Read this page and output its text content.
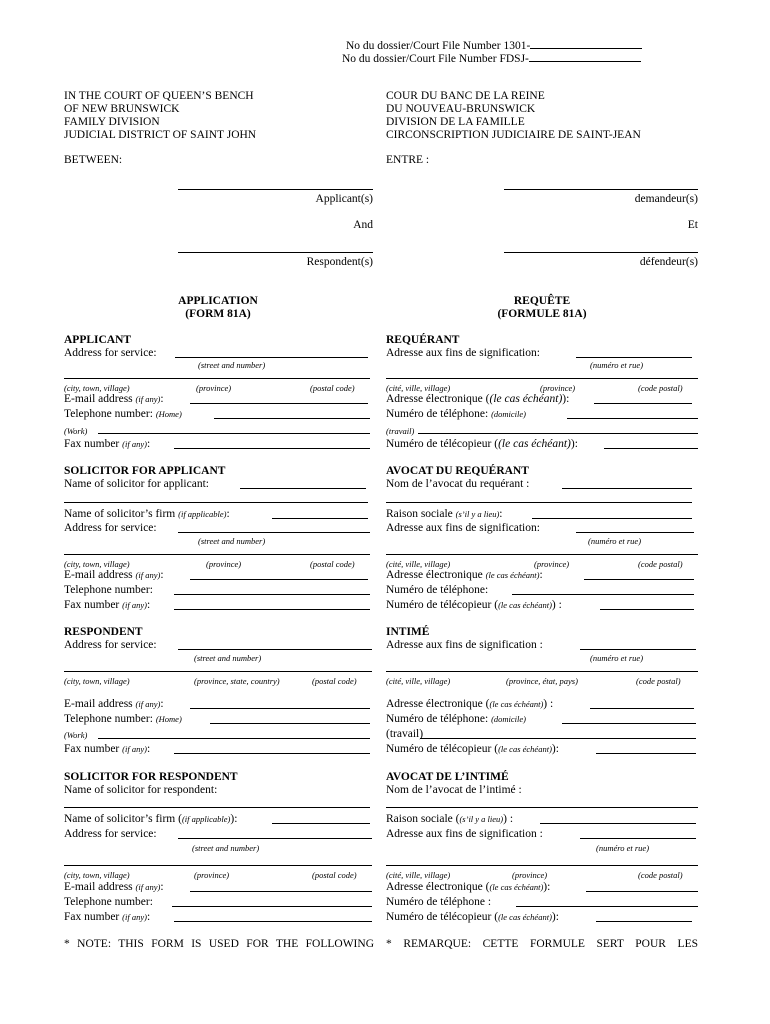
No du dossier/Court File Number 1301-
No du dossier/Court File Number FDSJ-
IN THE COURT OF QUEEN’S BENCH
OF NEW BRUNSWICK
FAMILY DIVISION
JUDICIAL DISTRICT OF SAINT JOHN
COUR DU BANC DE LA REINE
DU NOUVEAU-BRUNSWICK
DIVISION DE LA FAMILLE
CIRCONSCRIPTION JUDICIAIRE DE SAINT-JEAN
BETWEEN:	ENTRE :
Applicant(s)	demandeur(s)
And	Et
Respondent(s)	défendeur(s)
APPLICATION
(FORM 81A)
REQUÊTE
(FORMULE 81A)
APPLICANT
Address for service:
(street and number)
(city, town, village)	(province)	(postal code)
E-mail address (if any):
Telephone number: (Home)
(Work)
Fax number (if any):
REQUÉRANT
Adresse aux fins de signification:
(numéro et rue)
(cité, ville, village)	(province)	(code postal)
Adresse électronique ((le cas échéant)):
Numéro de téléphone: (domicile)
(travail)
Numéro de télécopieur ((le cas échéant)):
SOLICITOR FOR APPLICANT
Name of solicitor for applicant:
Name of solicitor’s firm (if applicable):
Address for service:
(street and number)
(city, town, village)	(province)	(postal code)
E-mail address (if any):
Telephone number:
Fax number (if any):
AVOCAT DU REQUÉRANT
Nom de l’avocat du requérant :
Raison sociale (s’il y a lieu):
Adresse aux fins de signification:
(numéro et rue)
(cité, ville, village)	(province)	(code postal)
Adresse électronique (le cas échéant):
Numéro de téléphone:
Numéro de télécopieur ((le cas échéant)) :
RESPONDENT
Address for service:
(street and number)
(city, town, village)	(province, state, country)	(postal code)
E-mail address (if any):
Telephone number: (Home)
(Work)
Fax number (if any):
INTIMÉ
Adresse aux fins de signification :
(numéro et rue)
(cité, ville, village)	(province, état, pays)	(code postal)
Adresse électronique ((le cas échéant)) :
Numéro de téléphone: (domicile)
(travail)
Numéro de télécopieur ((le cas échéant)):
SOLICITOR FOR RESPONDENT
Name of solicitor for respondent:
Name of solicitor’s firm ((if applicable)):
Address for service:
(street and number)
(city, town, village)	(province)	(postal code)
E-mail address (if any):
Telephone number:
Fax number (if any):
AVOCAT DE L’INTIMÉ
Nom de l’avocat de l’intimé :
Raison sociale ((s’il y a lieu)) :
Adresse aux fins de signification :
(numéro et rue)
(cité, ville, village)	(province)	(code postal)
Adresse électronique ((le cas échéant)):
Numéro de téléphone :
Numéro de télécopieur ((le cas échéant)):
* NOTE: THIS FORM IS USED FOR THE FOLLOWING * REMARQUE: CETTE FORMULE SERT POUR LES
